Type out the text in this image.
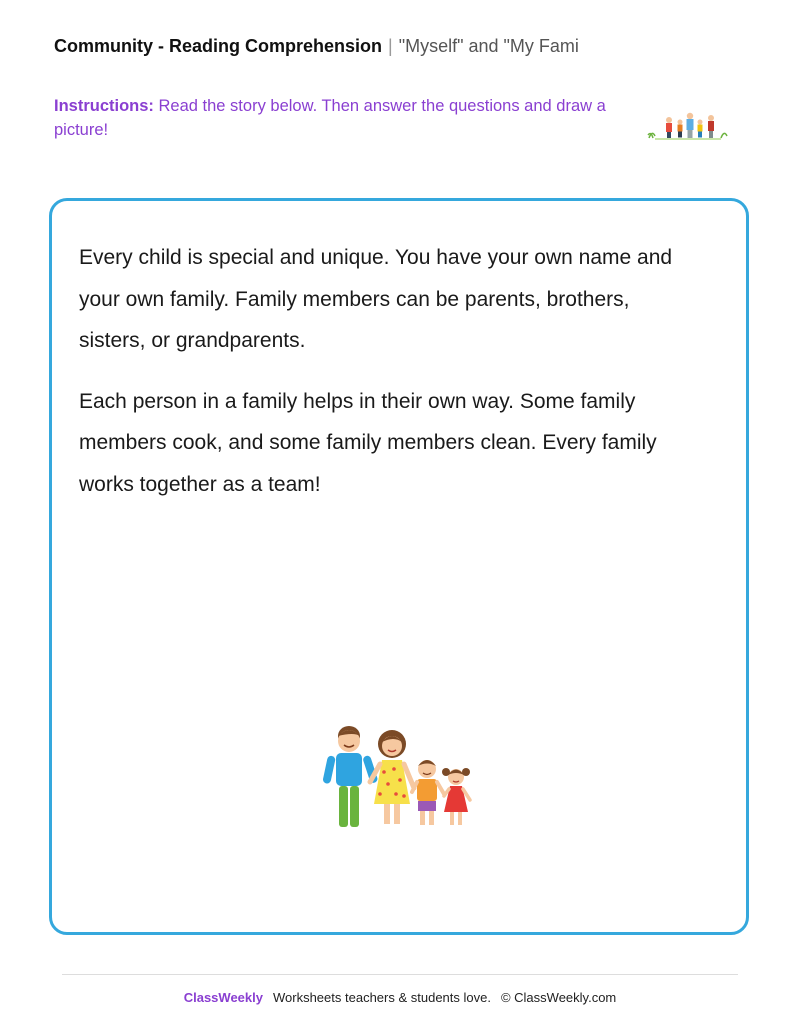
Community - Reading Comprehension | "Myself" and "My Fami
Instructions: Read the story below. Then answer the questions and draw a picture!

Every child is special and unique. You have your own name and your own family. Family members can be parents, brothers, sisters, or grandparents.

Each person in a family helps in their own way. Some family members cook, and some family members clean. Every family works together as a team!

ClassWeekly Worksheets teachers & students love. © ClassWeekly.com
